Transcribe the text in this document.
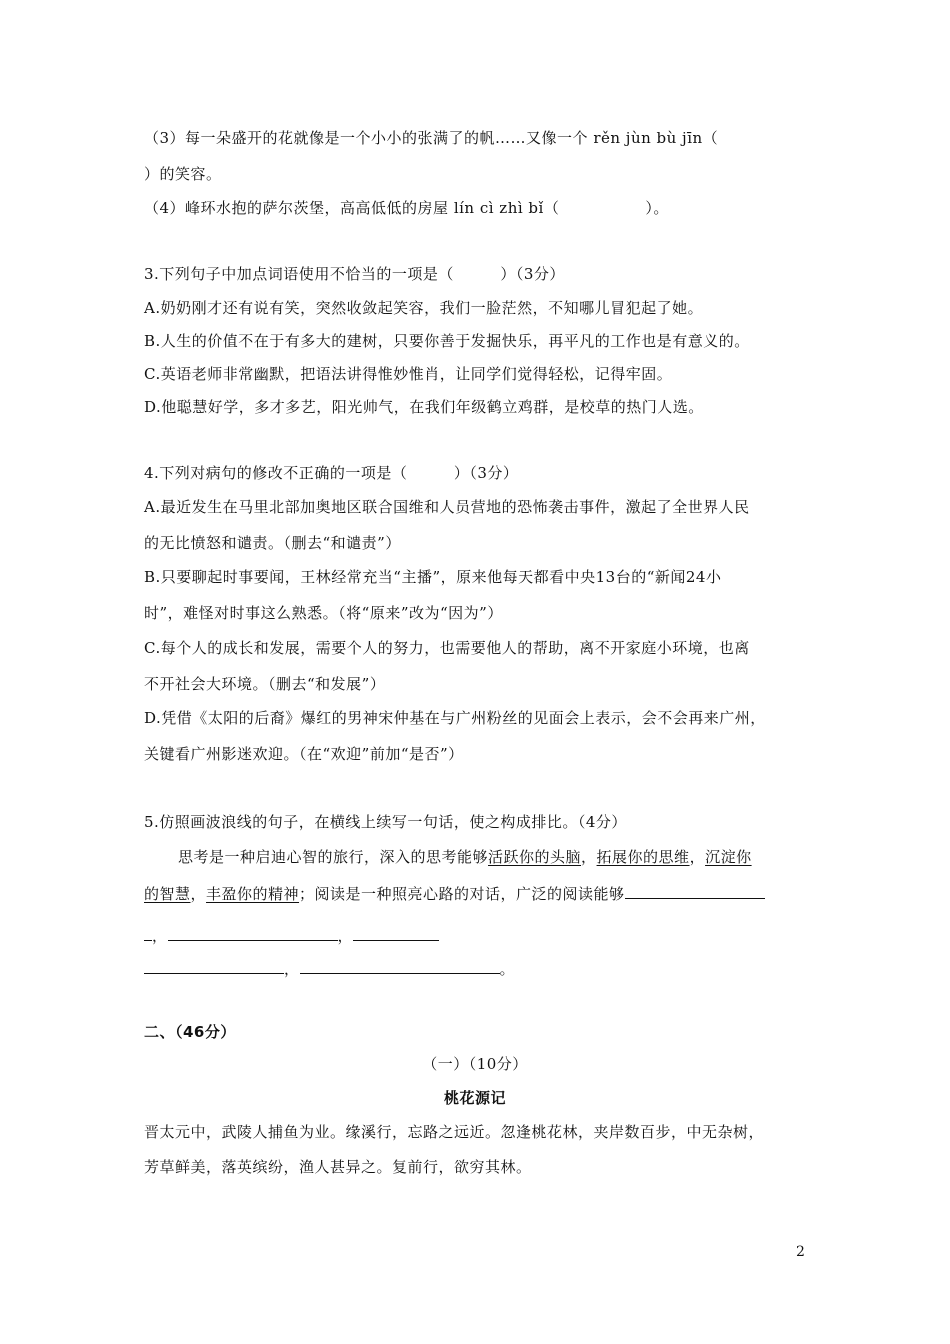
（3）每一朵盛开的花就像是一个小小的张满了的帆……又像一个 rěn jùn bù jīn（
）的笑容。
（4）峰环水抱的萨尔茨堡，高高低低的房屋 lín cì zhì bǐ（	）。
3.下列句子中加点词语使用不恰当的一项是（　　　）（3分）
A.奶奶刚才还有说有笑，突然收敛起笑容，我们一脸茫然，不知哪儿冒犯起了她。
B.人生的价值不在于有多大的建树，只要你善于发掘快乐，再平凡的工作也是有意义的。
C.英语老师非常幽默，把语法讲得惟妙惟肖，让同学们觉得轻松，记得牢固。
D.他聪慧好学，多才多艺，阳光帅气，在我们年级鹤立鸡群，是校草的热门人选。
4.下列对病句的修改不正确的一项是（　　　）（3分）
A.最近发生在马里北部加奥地区联合国维和人员营地的恐怖袭击事件，激起了全世界人民
的无比愤怒和谴责。（删去“和谴责”）
B.只要聊起时事要闻，王林经常充当“主播”，原来他每天都看中央13台的“新闻24小
时”，难怪对时事这么熟悉。（将“原来”改为“因为”）
C.每个人的成长和发展，需要个人的努力，也需要他人的帮助，离不开家庭小环境，也离
不开社会大环境。（删去“和发展”）
D.凭借《太阳的后裔》爆红的男神宋仲基在与广州粉丝的见面会上表示，会不会再来广州，
关键看广州影迷欢迎。（在“欢迎”前加“是否”）
5.仿照画波浪线的句子，在横线上续写一句话，使之构成排比。（4分）
思考是一种启迪心智的旅行，深入的思考能够活跃你的头脑，拓展你的思维，沉淀你
的智慧，丰盈你的精神；阅读是一种照亮心路的对话，广泛的阅读能够
，	，
，	。
二、（46分）
（一）（10分）
桃花源记
晋太元中，武陵人捕鱼为业。缘溪行，忘路之远近。忽逢桃花林，夹岸数百步，中无杂树，
芳草鲜美，落英缤纷，渔人甚异之。复前行，欲穷其林。
2
